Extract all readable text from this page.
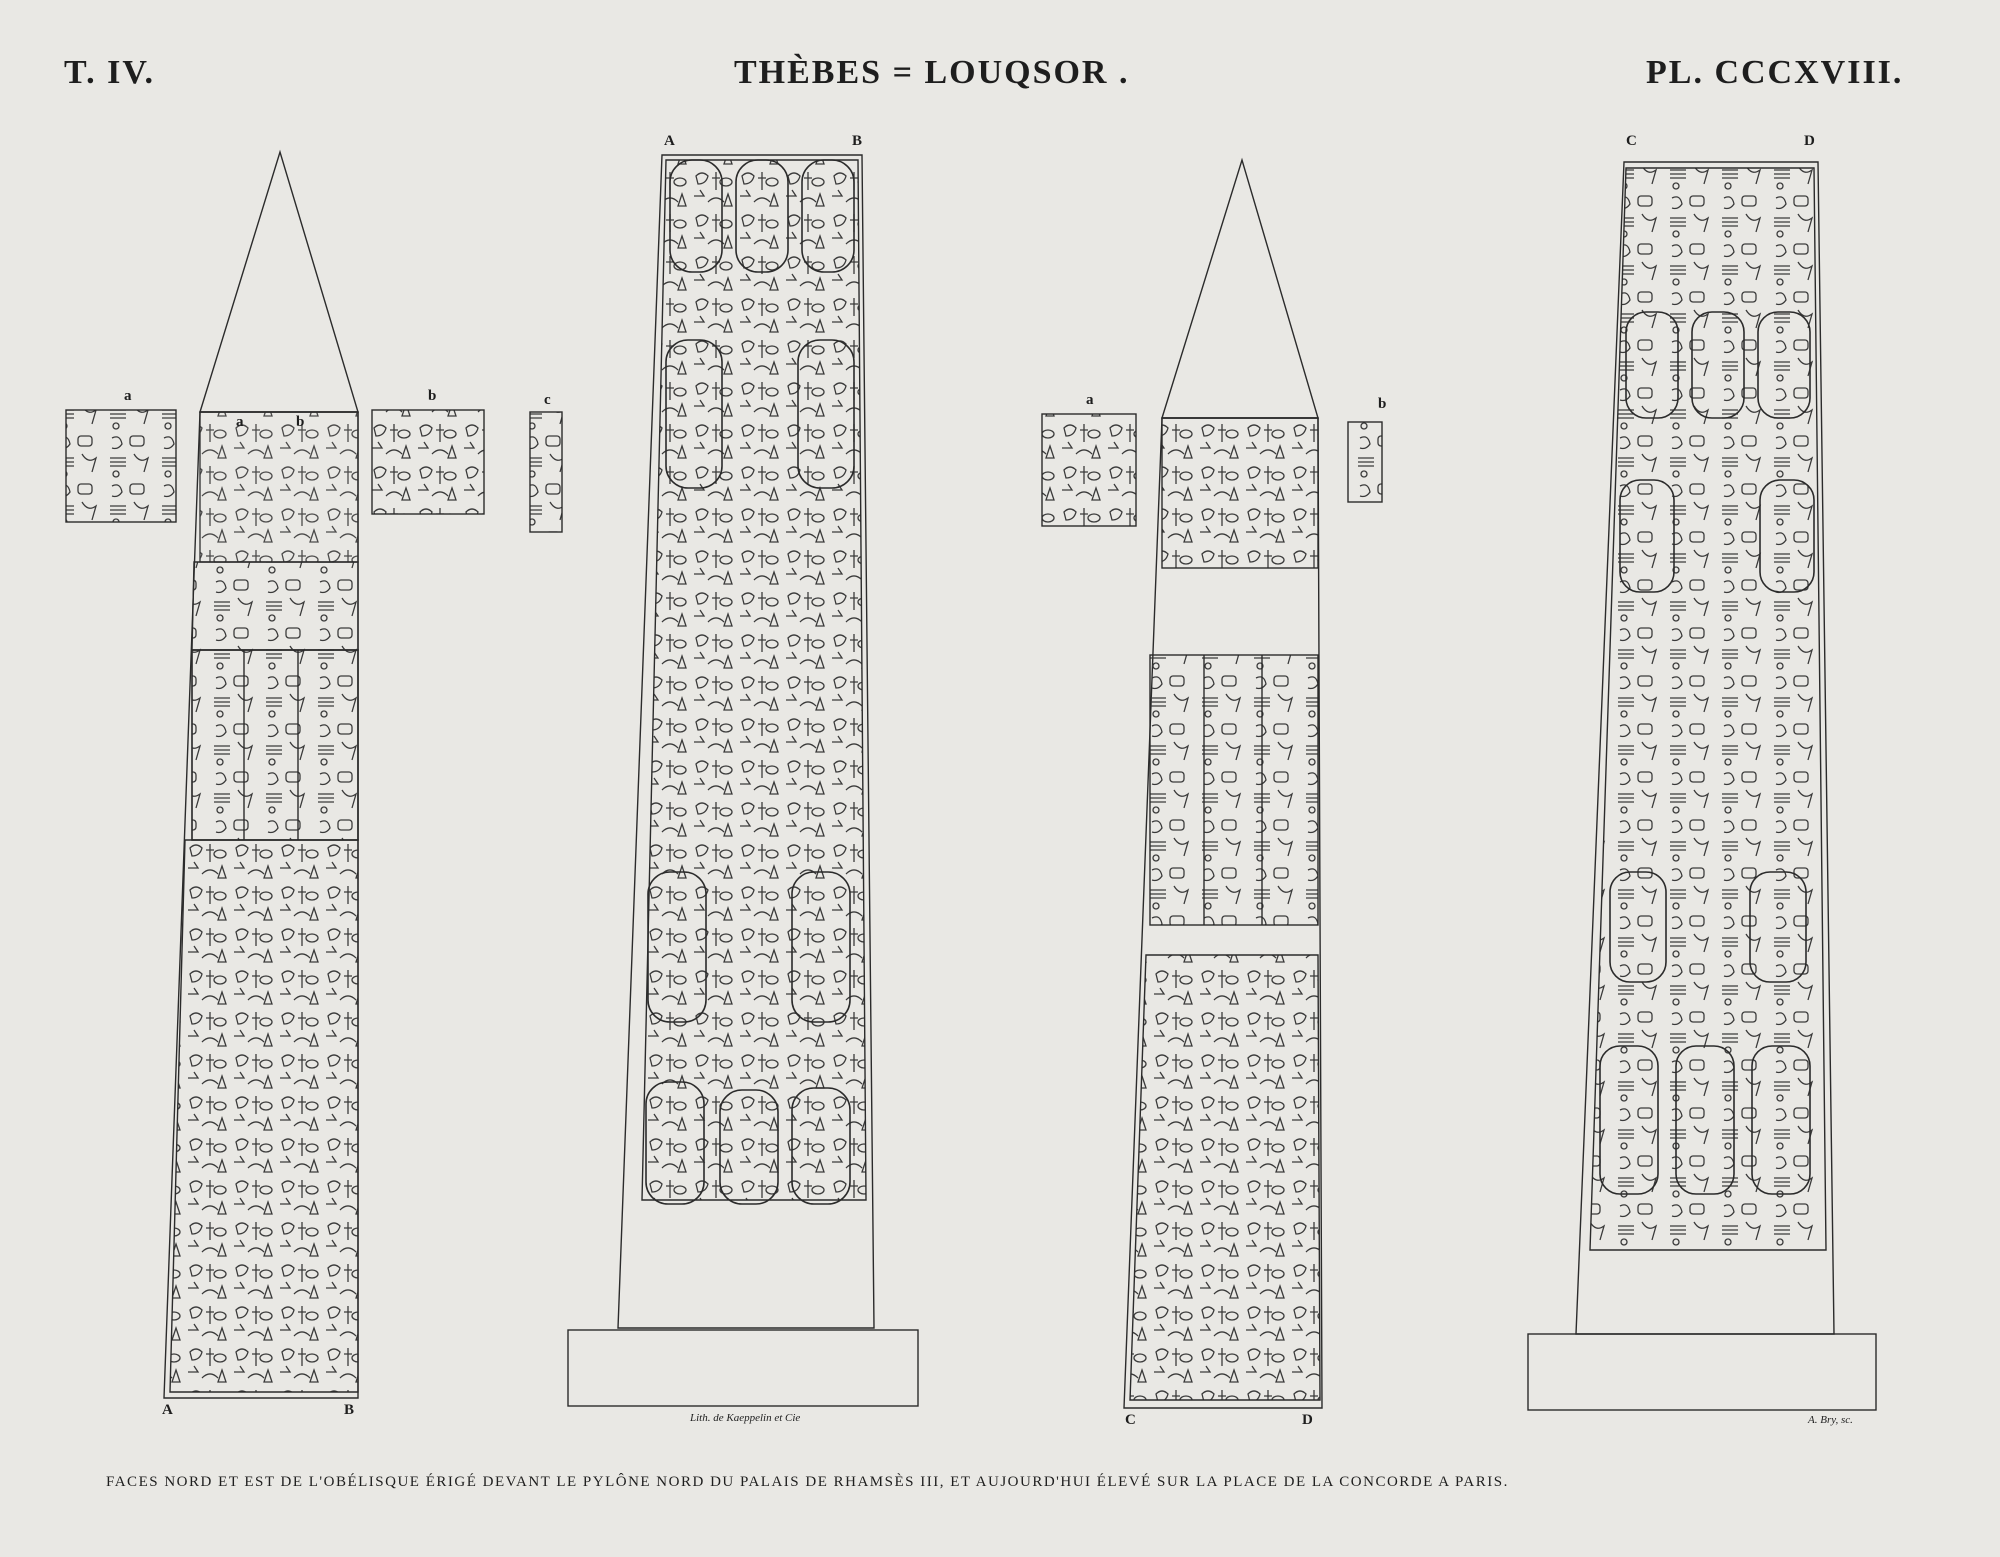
T. IV.	THÈBES = LOUQSOR .	PL. CCCXVIII.

A	B

A	B

C	D

C	D

a	b	c

a	b

a	b

Lith. de Kaeppelin et Cie	A. Bry, sc.

FACES NORD ET EST DE L'OBÉLISQUE ÉRIGÉ DEVANT LE PYLÔNE NORD DU PALAIS DE RHAMSÈS III, ET AUJOURD'HUI ÉLEVÉ SUR LA PLACE DE LA CONCORDE A PARIS.
